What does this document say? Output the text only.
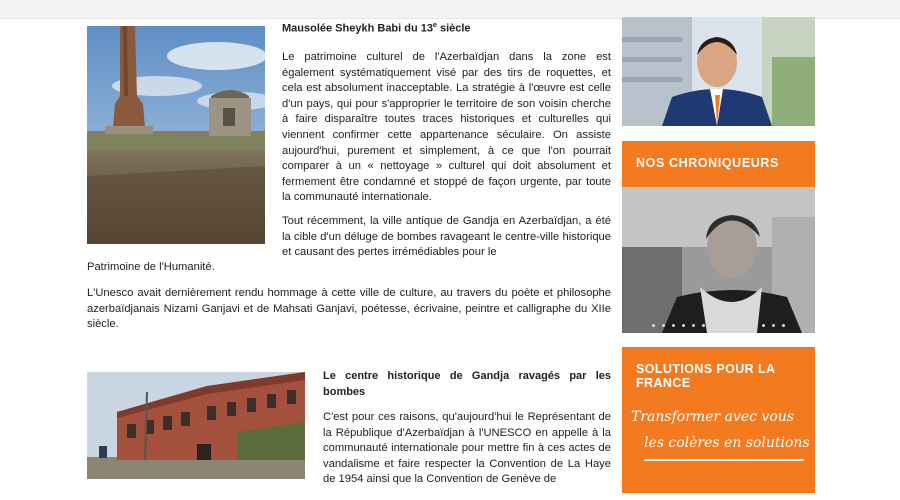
Mausolée Sheykh Babi du 13e siècle

Le patrimoine culturel de l'Azerbaïdjan dans la zone est également systématiquement visé par des tirs de roquettes, et cela est absolument inacceptable. La stratégie à l'œuvre est celle d'un pays, qui pour s'approprier le territoire de son voisin cherche à faire disparaître toutes traces historiques et culturelles qui viennent confirmer cette appartenance séculaire. On assiste aujourd'hui, purement et simplement, à ce que l'on pourrait comparer à un « nettoyage » culturel qui doit absolument et fermement être condamné et stoppé de façon urgente, par toute la communauté internationale.

Tout récemment, la ville antique de Gandja en Azerbaïdjan, a été la cible d'un déluge de bombes ravageant le centre-ville historique et causant des pertes irrémédiables pour le

Patrimoine de l'Humanité.

L'Unesco avait dernièrement rendu hommage à cette ville de culture, au travers du poète et philosophe azerbaïdjanais Nizami Ganjavi et de Mahsati Ganjavi, poétesse, écrivaine, peintre et calligraphe du XIIe siècle.

Le centre historique de Gandja ravagés par les bombes

C'est pour ces raisons, qu'aujourd'hui le Représentant de la République d'Azerbaïdjan à l'UNESCO en appelle à la communauté internationale pour mettre fin à ces actes de vandalisme et faire respecter la Convention de La Haye de 1954 ainsi que la Convention de Genève de

NOS CHRONIQUEURS
SOLUTIONS POUR LA FRANCE
Transformer avec vous
les colères en solutions
